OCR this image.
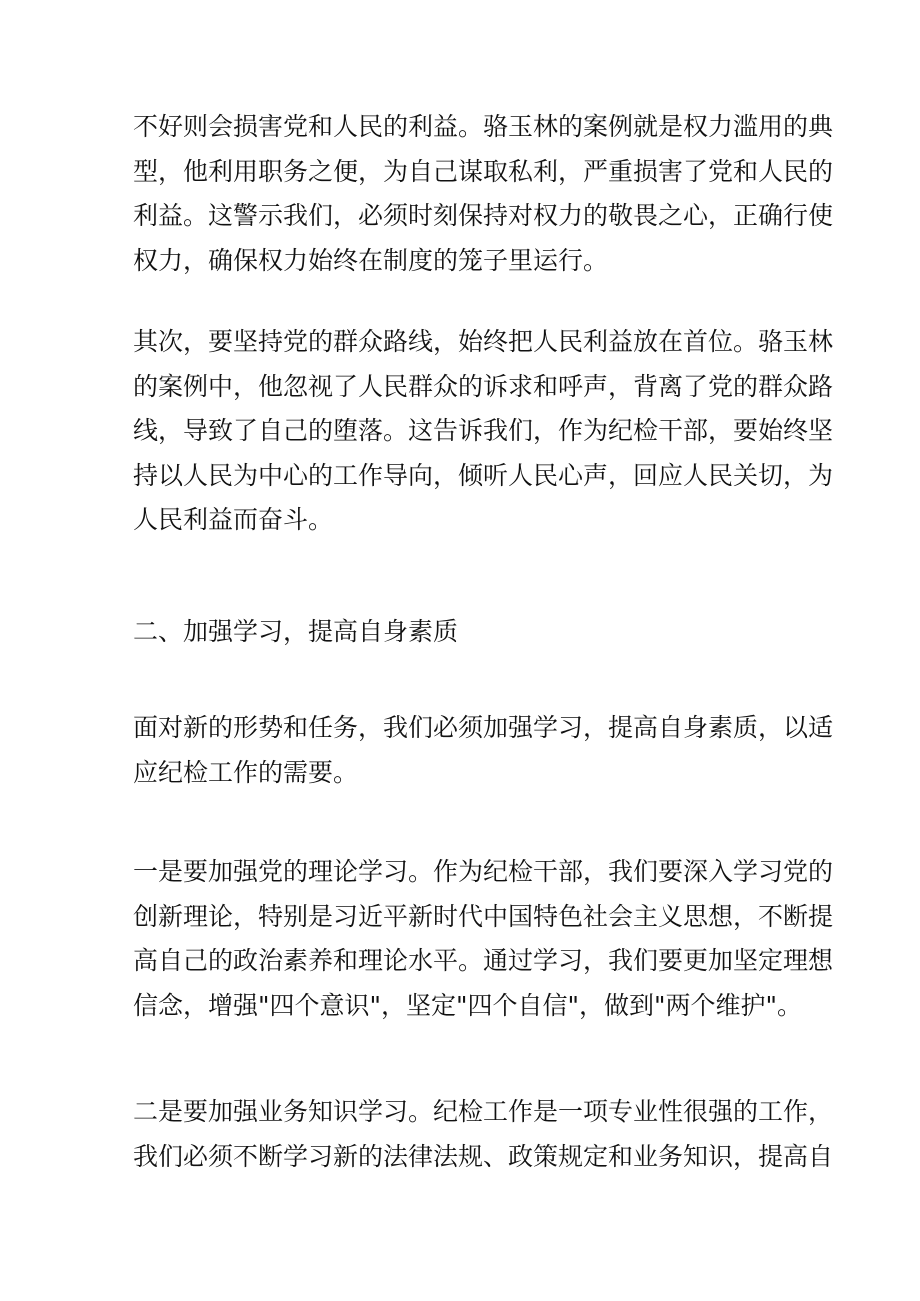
不好则会损害党和人民的利益。骆玉林的案例就是权力滥用的典
型，他利用职务之便，为自己谋取私利，严重损害了党和人民的
利益。这警示我们，必须时刻保持对权力的敬畏之心，正确行使
权力，确保权力始终在制度的笼子里运行。

其次，要坚持党的群众路线，始终把人民利益放在首位。骆玉林
的案例中，他忽视了人民群众的诉求和呼声，背离了党的群众路
线，导致了自己的堕落。这告诉我们，作为纪检干部，要始终坚
持以人民为中心的工作导向，倾听人民心声，回应人民关切，为
人民利益而奋斗。

二、加强学习，提高自身素质

面对新的形势和任务，我们必须加强学习，提高自身素质，以适
应纪检工作的需要。

一是要加强党的理论学习。作为纪检干部，我们要深入学习党的
创新理论，特别是习近平新时代中国特色社会主义思想，不断提
高自己的政治素养和理论水平。通过学习，我们要更加坚定理想
信念，增强"四个意识"，坚定"四个自信"，做到"两个维护"。

二是要加强业务知识学习。纪检工作是一项专业性很强的工作，
我们必须不断学习新的法律法规、政策规定和业务知识，提高自
